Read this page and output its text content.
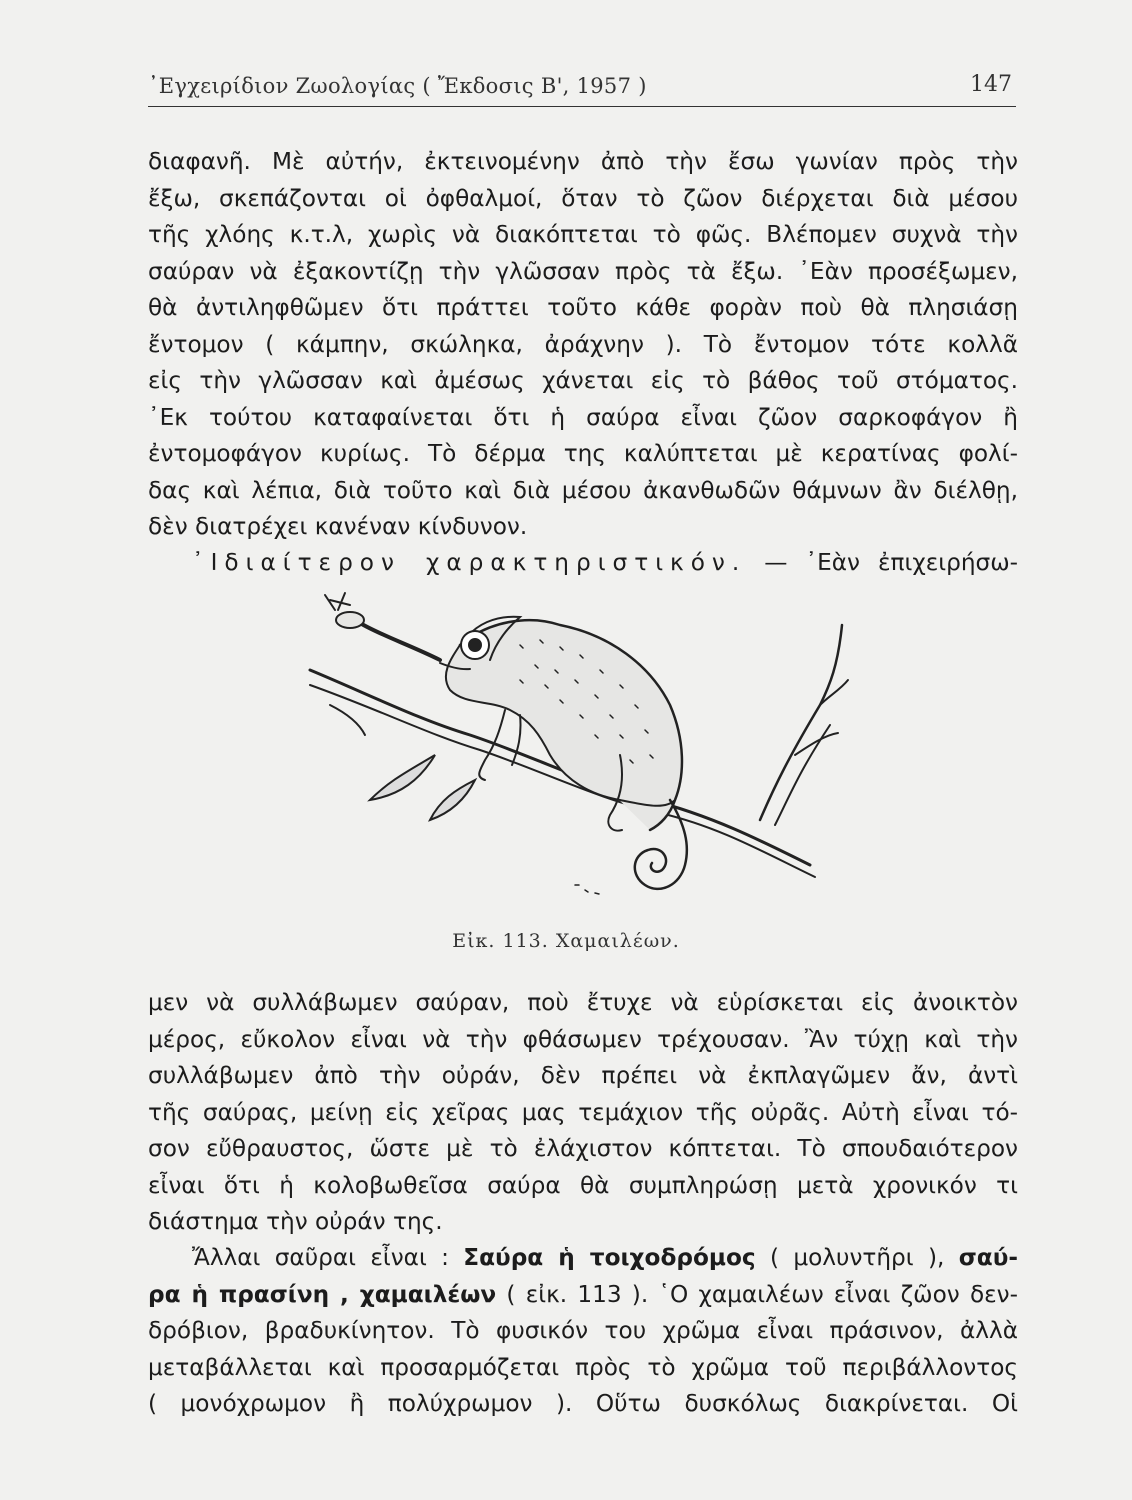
᾿Εγχειρίδιον Ζωολογίας ( Ἔκδοσις Β', 1957 )	147
διαφανῆ. Μὲ αὐτήν, ἐκτεινομένην ἀπὸ τὴν ἔσω γωνίαν πρὸς τὴν
ἔξω, σκεπάζονται οἱ ὀφθαλμοί, ὅταν τὸ ζῶον διέρχεται διὰ μέσου
τῆς χλόης κ.τ.λ, χωρὶς νὰ διακόπτεται τὸ φῶς. Βλέπομεν συχνὰ τὴν
σαύραν νὰ ἐξακοντίζῃ τὴν γλῶσσαν πρὸς τὰ ἔξω. ᾿Εὰν προσέξωμεν,
θὰ ἀντιληφθῶμεν ὅτι πράττει τοῦτο κάθε φορὰν ποὺ θὰ πλησιάσῃ
ἔντομον ( κάμπην, σκώληκα, ἀράχνην ). Τὸ ἔντομον τότε κολλᾶ
εἰς τὴν γλῶσσαν καὶ ἀμέσως χάνεται εἰς τὸ βάθος τοῦ στόματος.
᾿Εκ τούτου καταφαίνεται ὅτι ἡ σαύρα εἶναι ζῶον σαρκοφάγον ἢ
ἐντομοφάγον κυρίως. Τὸ δέρμα της καλύπτεται μὲ κερατίνας φολί-
δας καὶ λέπια, διὰ τοῦτο καὶ διὰ μέσου ἀκανθωδῶν θάμνων ἂν διέλθῃ,
δὲν διατρέχει κανέναν κίνδυνον.
᾿Ιδιαίτερον χαρακτηριστικόν. — ᾿Εὰν ἐπιχειρήσω-
Εἰκ. 113. Χαμαιλέων.
μεν νὰ συλλάβωμεν σαύραν, ποὺ ἔτυχε νὰ εὑρίσκεται εἰς ἀνοικτὸν
μέρος, εὔκολον εἶναι νὰ τὴν φθάσωμεν τρέχουσαν. Ἂν τύχῃ καὶ τὴν
συλλάβωμεν ἀπὸ τὴν οὐράν, δὲν πρέπει νὰ ἐκπλαγῶμεν ἄν, ἀντὶ
τῆς σαύρας, μείνῃ εἰς χεῖρας μας τεμάχιον τῆς οὐρᾶς. Αὐτὴ εἶναι τό-
σον εὔθραυστος, ὥστε μὲ τὸ ἐλάχιστον κόπτεται. Τὸ σπουδαιότερον
εἶναι ὅτι ἡ κολοβωθεῖσα σαύρα θὰ συμπληρώσῃ μετὰ χρονικόν τι
διάστημα τὴν οὐράν της.
Ἄλλαι σαῦραι εἶναι : Σαύρα ἡ τοιχοδρόμος ( μολυντῆρι ), σαύ-
ρα ἡ πρασίνη , χαμαιλέων ( εἰκ. 113 ). ῾Ο χαμαιλέων εἶναι ζῶον δεν-
δρόβιον, βραδυκίνητον. Τὸ φυσικόν του χρῶμα εἶναι πράσινον, ἀλλὰ
μεταβάλλεται καὶ προσαρμόζεται πρὸς τὸ χρῶμα τοῦ περιβάλλοντος
( μονόχρωμον ἢ πολύχρωμον ). Οὕτω δυσκόλως διακρίνεται. Οἱ
